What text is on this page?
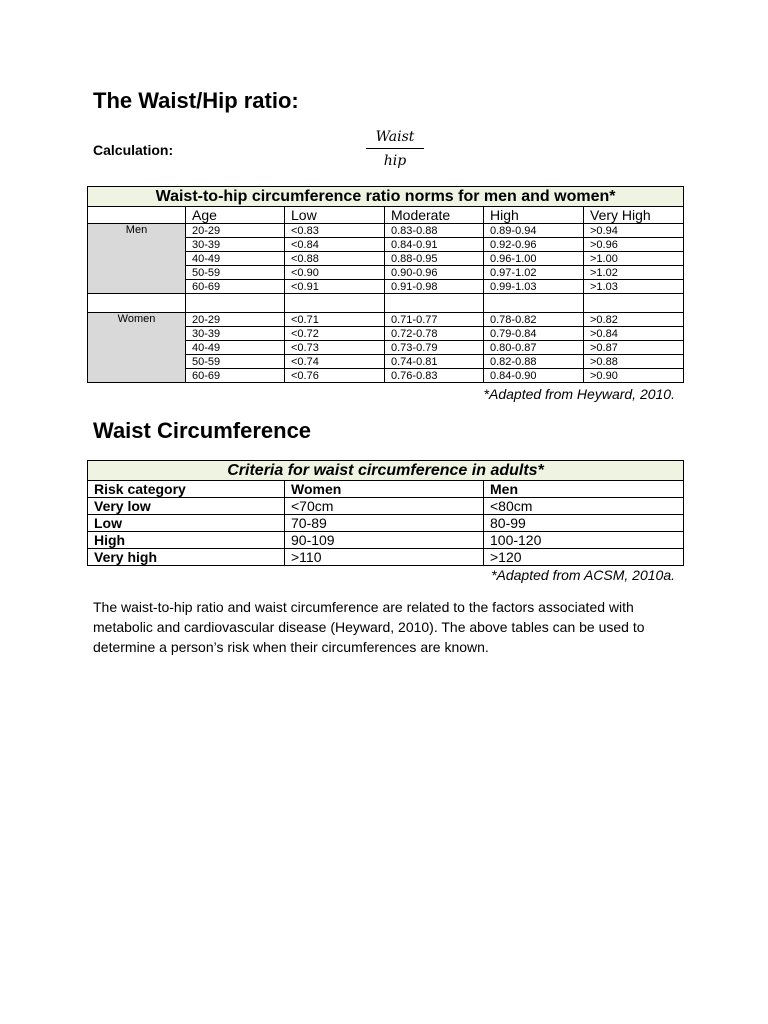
The Waist/Hip ratio:
Calculation:
Waist
hip
Waist-to-hip circumference ratio norms for men and women*					
	Age	Low	Moderate	High	Very High
Men	20-29	<0.83	0.83-0.88	0.89-0.94	>0.94
	30-39	<0.84	0.84-0.91	0.92-0.96	>0.96
	40-49	<0.88	0.88-0.95	0.96-1.00	>1.00
	50-59	<0.90	0.90-0.96	0.97-1.02	>1.02
	60-69	<0.91	0.91-0.98	0.99-1.03	>1.03

Women	20-29	<0.71	0.71-0.77	0.78-0.82	>0.82
	30-39	<0.72	0.72-0.78	0.79-0.84	>0.84
	40-49	<0.73	0.73-0.79	0.80-0.87	>0.87
	50-59	<0.74	0.74-0.81	0.82-0.88	>0.88
	60-69	<0.76	0.76-0.83	0.84-0.90	>0.90
*Adapted from Heyward, 2010.
Waist Circumference
Criteria for waist circumference in adults*		
Risk category	Women	Men
Very low	<70cm	<80cm
Low	70-89	80-99
High	90-109	100-120
Very high	>110	>120
*Adapted from ACSM, 2010a.
The waist-to-hip ratio and waist circumference are related to the factors associated with metabolic and cardiovascular disease (Heyward, 2010). The above tables can be used to determine a person’s risk when their circumferences are known.
